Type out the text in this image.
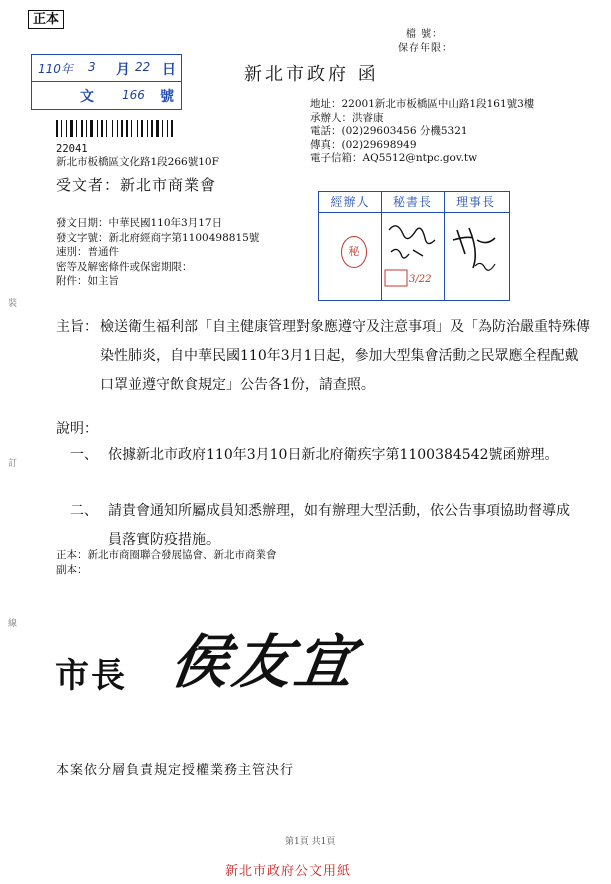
正本
檔 號：
保存年限：
110年 3 月 22 日
文 166 號
新北市政府 函
地址：22001新北市板橋區中山路1段161號3樓
承辦人：洪睿康
電話：(02)29603456 分機5321
傳真：(02)29698949
電子信箱：AQ5512@ntpc.gov.tw
22041
新北市板橋區文化路1段266號10F
受文者：新北市商業會
經辦人 秘書長 理事長
秘
3/22
發文日期：中華民國110年3月17日
發文字號：新北府經商字第1100498815號
速別：普通件
密等及解密條件或保密期限：
附件：如主旨
主旨： 檢送衛生福利部「自主健康管理對象應遵守及注意事項」及「為防治嚴重特殊傳染性肺炎，自中華民國110年3月1日起，參加大型集會活動之民眾應全程配戴口罩並遵守飲食規定」公告各1份，請查照。
說明：
一、 依據新北市政府110年3月10日新北府衛疾字第1100384542號函辦理。
二、 請貴會通知所屬成員知悉辦理，如有辦理大型活動，依公告事項協助督導成員落實防疫措施。
正本：新北市商圈聯合發展協會、新北市商業會
副本：
市長 侯友宜
本案依分層負責規定授權業務主管決行
第1頁 共1頁
新北市政府公文用紙
裝
訂
線
